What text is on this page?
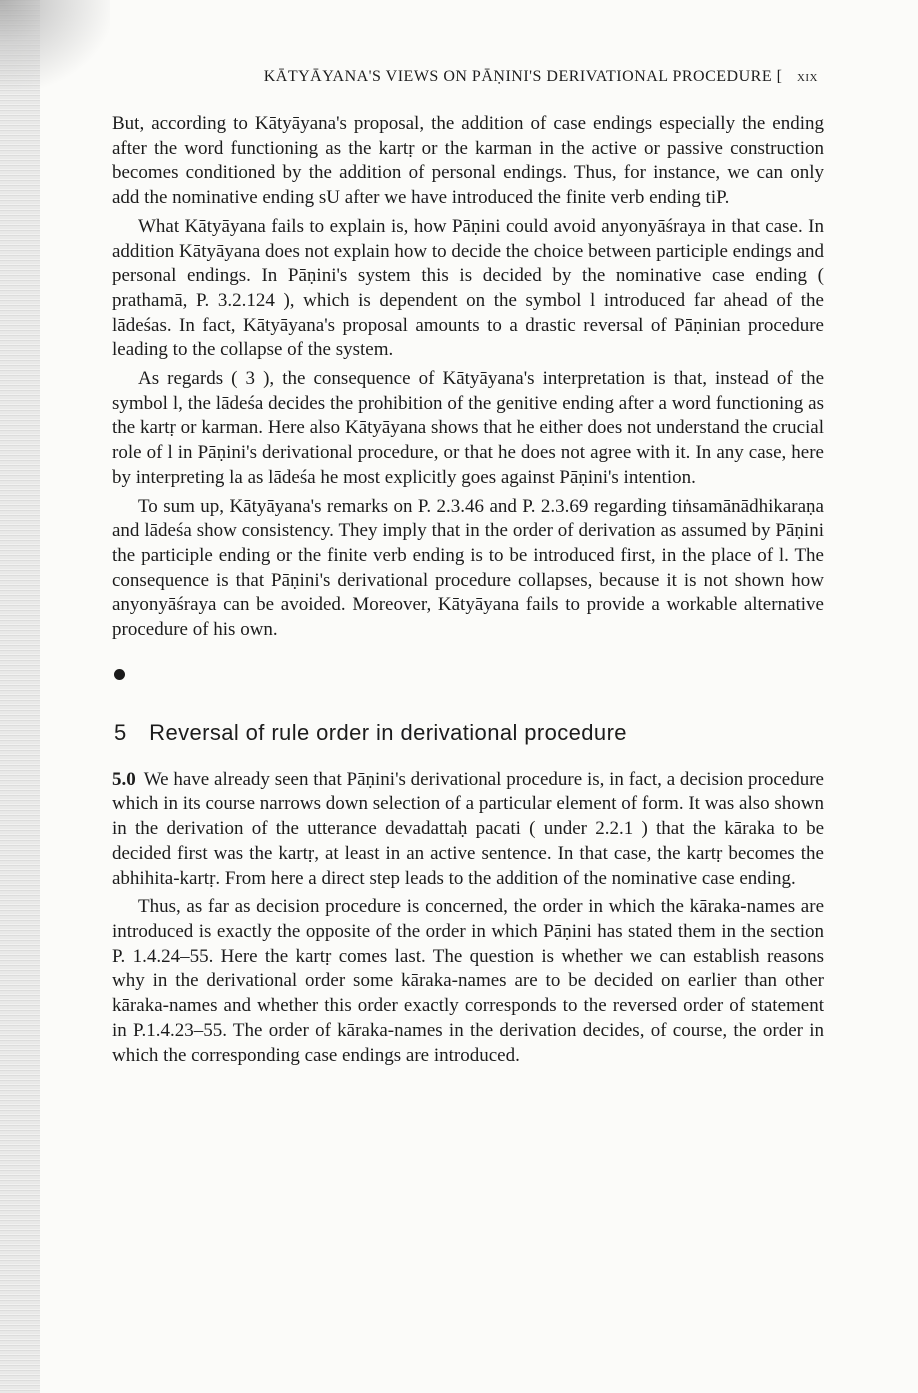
KĀTYĀYANA'S VIEWS ON PĀṆINI'S DERIVATIONAL PROCEDURE [ xix

But, according to Kātyāyana's proposal, the addition of case endings especially the ending after the word functioning as the kartṛ or the karman in the active or passive construction becomes conditioned by the addition of personal endings. Thus, for instance, we can only add the nominative ending sU after we have introduced the finite verb ending tiP.

What Kātyāyana fails to explain is, how Pāṇini could avoid anyonyāśraya in that case. In addition Kātyāyana does not explain how to decide the choice between participle endings and personal endings. In Pāṇini's system this is decided by the nominative case ending ( prathamā, P. 3.2.124 ), which is dependent on the symbol l introduced far ahead of the lādeśas. In fact, Kātyāyana's proposal amounts to a drastic reversal of Pāṇinian procedure leading to the collapse of the system.

As regards ( 3 ), the consequence of Kātyāyana's interpretation is that, instead of the symbol l, the lādeśa decides the prohibition of the genitive ending after a word functioning as the kartṛ or karman. Here also Kātyāyana shows that he either does not understand the crucial role of l in Pāṇini's derivational procedure, or that he does not agree with it. In any case, here by interpreting la as lādeśa he most explicitly goes against Pāṇini's intention.

To sum up, Kātyāyana's remarks on P. 2.3.46 and P. 2.3.69 regarding tiṅsamānādhikaraṇa and lādeśa show consistency. They imply that in the order of derivation as assumed by Pāṇini the participle ending or the finite verb ending is to be introduced first, in the place of l. The consequence is that Pāṇini's derivational procedure collapses, because it is not shown how anyonyāśraya can be avoided. Moreover, Kātyāyana fails to provide a workable alternative procedure of his own.

5 Reversal of rule order in derivational procedure

5.0 We have already seen that Pāṇini's derivational procedure is, in fact, a decision procedure which in its course narrows down selection of a particular element of form. It was also shown in the derivation of the utterance devadattaḥ pacati ( under 2.2.1 ) that the kāraka to be decided first was the kartṛ, at least in an active sentence. In that case, the kartṛ becomes the abhihita-kartṛ. From here a direct step leads to the addition of the nominative case ending.

Thus, as far as decision procedure is concerned, the order in which the kāraka-names are introduced is exactly the opposite of the order in which Pāṇini has stated them in the section P. 1.4.24–55. Here the kartṛ comes last. The question is whether we can establish reasons why in the derivational order some kāraka-names are to be decided on earlier than other kāraka-names and whether this order exactly corresponds to the reversed order of statement in P.1.4.23–55. The order of kāraka-names in the derivation decides, of course, the order in which the corresponding case endings are introduced.
